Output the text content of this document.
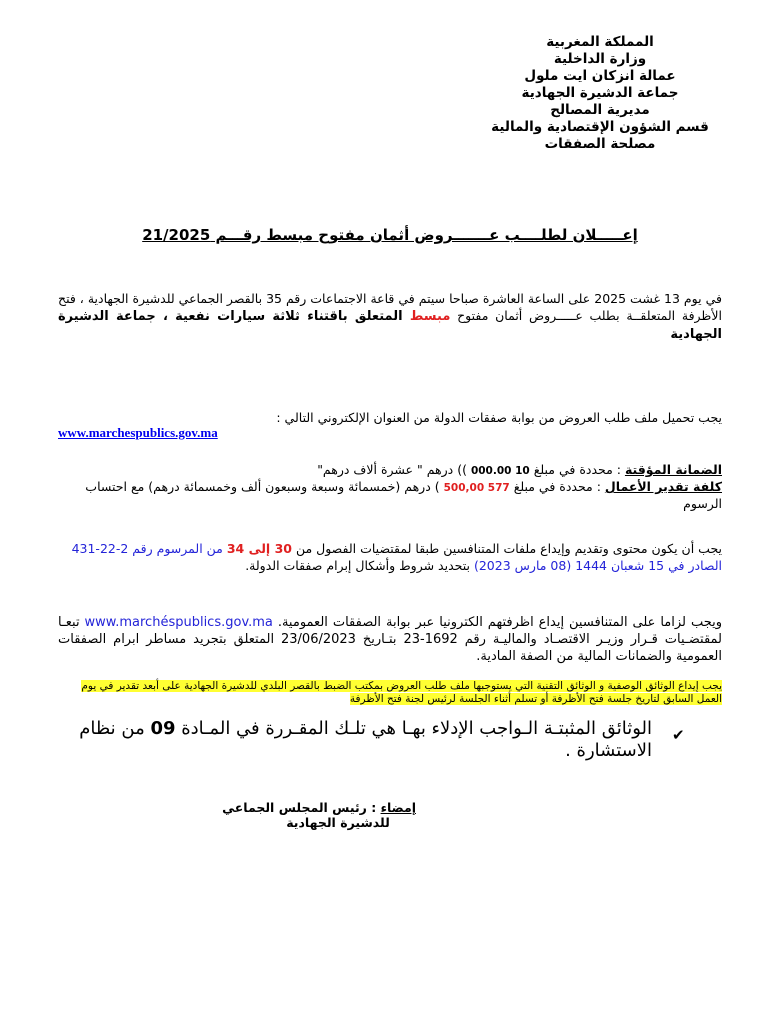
المملكة المغربية
وزارة الداخلية
عمالة انزكان ايت ملول
جماعة الدشيرة الجهادية
مديرية المصالح
قسم الشؤون الإقتصادية والمالية
مصلحة الصفقات
إعـــــلان لطلــــب عـــــــروض أثمان مفتوح مبسط رقـــم 21/2025
في يوم 13 غشت 2025 على الساعة العاشرة صباحا سيتم في قاعة الاجتماعات رقم 35 بالقصر الجماعي للدشيرة الجهادية ، فتح الأظرفة المتعلقــة بطلب عـــــروض أثمان مفتوح مبسط المتعلق باقتناء ثلاثة سيارات نفعية ، جماعة الدشيرة الجهادية
يجب تحميل ملف طلب العروض من بوابة صفقات الدولة من العنوان الإلكتروني التالي :
www.marchespublics.gov.ma
الضمانة المؤقتة : محددة في مبلغ 10 000.00 )) درهم " عشرة ألاف درهم"
كلفة تقدير الأعمال : محددة في مبلغ 577 500,00 ) درهم (خمسمائة وسبعة وسبعون ألف وخمسمائة درهم) مع احتساب الرسوم
يجب أن يكون محتوى وتقديم وإيداع ملفات المتنافسين طبقا لمقتضيات الفصول من 30 إلى 34 من المرسوم رقم 2-22-431 الصادر في 15 شعبان 1444 (08 مارس 2023) بتحديد شروط وأشكال إبرام صفقات الدولة.
ويجب لزاما على المتنافسين إيداع اظرفتهم الكترونيا عبر بوابة الصفقات العمومية. www.marchéspublics.gov.ma تبعـا لمقتضـيات قـرار وزيـر الاقتصـاد والماليـة رقم 1692-23 بتـاريخ 23/06/2023 المتعلق بتجريد مساطر ابرام الصفقات العمومية والضمانات المالية من الصفة المادية.
يجب إيداع الوثائق الوصفية و الوثائق التقنية التي يستوجبها ملف طلب العروض بمكتب الضبط بالقصر البلدي للدشيرة الجهادية على أبعد تقدير في يوم العمل السابق لتاريخ جلسة فتح الأظرفة أو تسلم أثناء الجلسة لرئيس لجنة فتح الأظرفة
✔
الوثائق المثبتـة الـواجب الإدلاء بهـا هي تلـك المقـررة في المـادة 09 من نظام الاستشارة .
إمضاء : رئيس المجلس الجماعي
للدشيرة الجهادية
